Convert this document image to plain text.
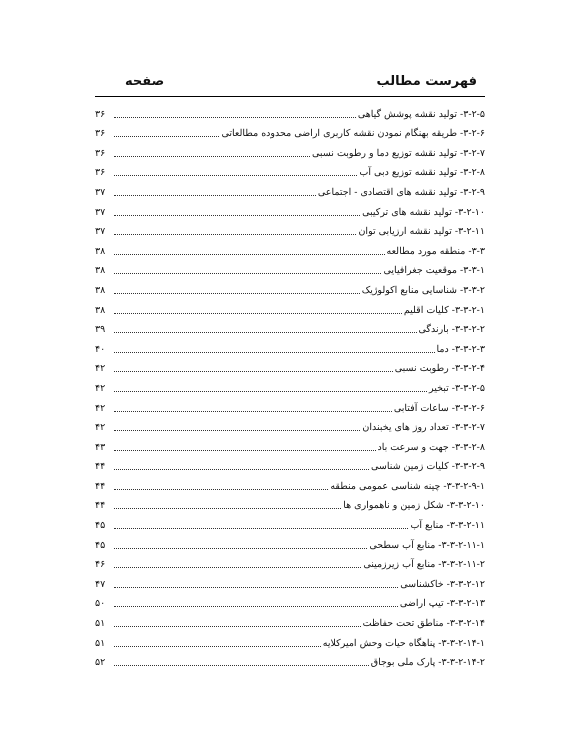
فهرست مطالب
صفحه
۳-۲-۵- تولید نقشه پوشش گیاهی
۳۶
۳-۲-۶- طریقه بهنگام نمودن نقشه کاربری اراضی محدوده مطالعاتی
۳۶
۳-۲-۷- تولید نقشه توزیع دما و رطوبت نسبی
۳۶
۳-۲-۸- تولید نقشه توزیع دبی آب
۳۶
۳-۲-۹- تولید نقشه های اقتصادی - اجتماعی
۳۷
۳-۲-۱۰- تولید نقشه های ترکیبی
۳۷
۳-۲-۱۱- تولید نقشه ارزیابی توان
۳۷
۳-۳- منطقه مورد مطالعه
۳۸
۳-۳-۱- موقعیت جغرافیایی
۳۸
۳-۳-۲- شناسایی منابع اکولوژیک
۳۸
۳-۳-۲-۱- کلیات اقلیم
۳۸
۳-۳-۲-۲- بارندگی
۳۹
۳-۳-۲-۳- دما
۴۰
۳-۳-۲-۴- رطوبت نسبی
۴۲
۳-۳-۲-۵- تبخیر
۴۲
۳-۳-۲-۶- ساعات آفتابی
۴۲
۳-۳-۲-۷- تعداد روز های یخبندان
۴۲
۳-۳-۲-۸- جهت و سرعت باد
۴۳
۳-۳-۲-۹- کلیات زمین شناسی
۴۴
۳-۳-۲-۹-۱- چینه شناسی عمومی منطقه
۴۴
۳-۳-۲-۱۰- شکل زمین و ناهمواری ها
۴۴
۳-۳-۲-۱۱- منابع آب
۴۵
۳-۳-۲-۱۱-۱- منابع آب سطحی
۴۵
۳-۳-۲-۱۱-۲- منابع آب زیرزمینی
۴۶
۳-۳-۲-۱۲- خاکشناسی
۴۷
۳-۳-۲-۱۳- تیپ اراضی
۵۰
۳-۳-۲-۱۴- مناطق تحت حفاظت
۵۱
۳-۳-۲-۱۴-۱- پناهگاه حیات وحش امیرکلایه
۵۱
۳-۳-۲-۱۴-۲- پارک ملی بوجاق
۵۲
